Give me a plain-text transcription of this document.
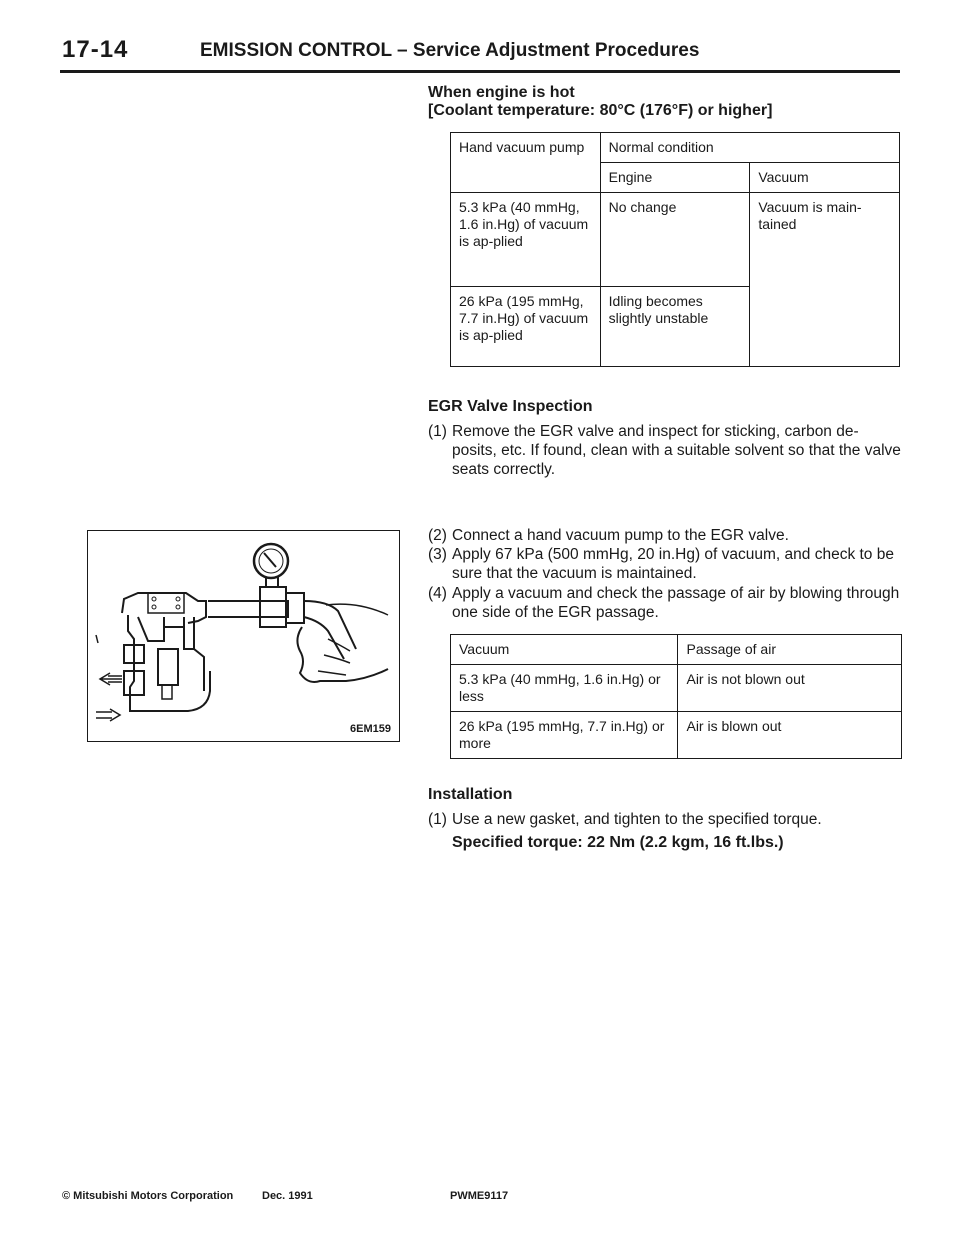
17-14	EMISSION CONTROL – Service Adjustment Procedures
When engine is hot
[Coolant temperature: 80°C (176°F) or higher]
Hand vacuum pump	Normal condition	
	Engine	Vacuum
5.3 kPa (40 mmHg, 1.6 in.Hg) of vacuum is ap-plied	No change	Vacuum is main-tained
26 kPa (195 mmHg, 7.7 in.Hg) of vacuum is ap-plied	Idling becomes slightly unstable	
EGR Valve Inspection
(1) Remove the EGR valve and inspect for sticking, carbon de-posits, etc. If found, clean with a suitable solvent so that the valve seats correctly.
(2) Connect a hand vacuum pump to the EGR valve.
(3) Apply 67 kPa (500 mmHg, 20 in.Hg) of vacuum, and check to be sure that the vacuum is maintained.
(4) Apply a vacuum and check the passage of air by blowing through one side of the EGR passage.
Vacuum	Passage of air
5.3 kPa (40 mmHg, 1.6 in.Hg) or less	Air is not blown out
26 kPa (195 mmHg, 7.7 in.Hg) or more	Air is blown out
6EM159
Installation
(1) Use a new gasket, and tighten to the specified torque.
Specified torque: 22 Nm (2.2 kgm, 16 ft.lbs.)
© Mitsubishi Motors Corporation	Dec. 1991	PWME9117
